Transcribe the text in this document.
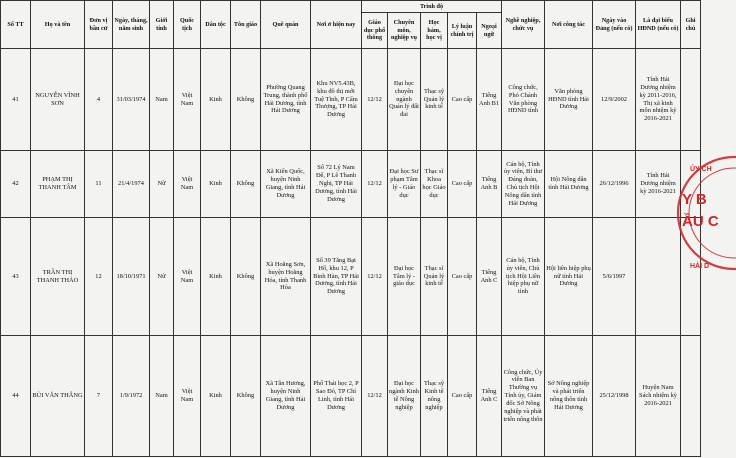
Số TT	Họ và tên	Đơn vị bầu cử	Ngày, tháng, năm sinh	Giới tính	Quốc tịch	Dân tộc	Tôn giáo	Quê quán	Nơi ở hiện nay	Trình độ					Nghề nghiệp, chức vụ	Nơi công tác	Ngày vào Đảng (nếu có)	Là đại biểu HĐND (nếu có)	Ghi chú
										Giáo dục phổ thông	Chuyên môn, nghiệp vụ	Học hàm, học vị	Lý luận chính trị	Ngoại ngữ					
41	NGUYỄN VĨNH SƠN	4	31/03/1974	Nam	Việt Nam	Kinh	Không	Phường Quang Trung, thành phố Hải Dương, tỉnh Hải Dương	Khu NV5.43B, khu đô thị mới Tuệ Tĩnh, P Cẩm Thượng, TP Hải Dương	12/12	Đại học chuyên ngành Quản lý đất đai	Thạc sỹ Quản lý kinh tế	Cao cấp	Tiếng Anh B1	Công chức, Phó Chánh Văn phòng HĐND tỉnh	Văn phòng HĐND tỉnh Hải Dương	12/9/2002	Tỉnh Hải Dương nhiệm kỳ 2011-2016, Thị xã kinh môn nhiệm kỳ 2016-2021	
42	PHẠM THỊ THANH TÂM	11	21/4/1974	Nữ	Việt Nam	Kinh	Không	Xã Kiến Quốc, huyện Ninh Giang, tỉnh Hải Dương	Số 72 Lý Nam Đế, P Lê Thanh Nghị, TP Hải Dương, tỉnh Hải Dương	12/12	Đại học Sư phạm Tâm lý - Giáo dục	Thạc sĩ Khoa học Giáo dục	Cao cấp	Tiếng Anh B	Cán bộ, Tỉnh ủy viên, Bí thư Đảng đoàn, Chủ tịch Hội Nông dân tỉnh Hải Dương	Hội Nông dân tỉnh Hải Dương	26/12/1996	Tỉnh Hải Dương nhiệm kỳ 2016-2021	
43	TRẦN THỊ THANH THẢO	12	18/10/1971	Nữ	Việt Nam	Kinh	Không	Xã Hoằng Sơn, huyện Hoằng Hóa, tỉnh Thanh Hóa	Số 39 Tăng Bạt Hổ, khu 12, P Bình Hàn, TP Hải Dương, tỉnh Hải Dương	12/12	Đại học Tâm lý - giáo dục	Thạc sĩ Quản lý kinh tế	Cao cấp	Tiếng Anh C	Cán bộ, Tỉnh ủy viên, Chủ tịch Hội Liên hiệp phụ nữ tỉnh	Hội liên hiệp phụ nữ tỉnh Hải Dương	5/6/1997		
44	BÙI VĂN THẮNG	7	1/9/1972	Nam	Việt Nam	Kinh	Không	Xã Tân Hương, huyện Ninh Giang, tỉnh Hải Dương	Phố Thái học 2, P Sao Đỏ, TP Chí Linh, tỉnh Hải Dương	12/12	Đại học ngành Kinh tế Nông nghiệp	Thạc sỹ Kinh tế nông nghiệp	Cao cấp	Tiếng Anh C	Công chức, Ủy viên Ban Thường vụ Tỉnh ủy, Giám đốc Sở Nông nghiệp và phát triển nông thôn	Sở Nông nghiệp và phát triển nông thôn tỉnh Hải Dương	25/12/1998	Huyện Nam Sách nhiệm kỳ 2016-2021	
ỦY CH
Y B
ẦU C
HẢI D
